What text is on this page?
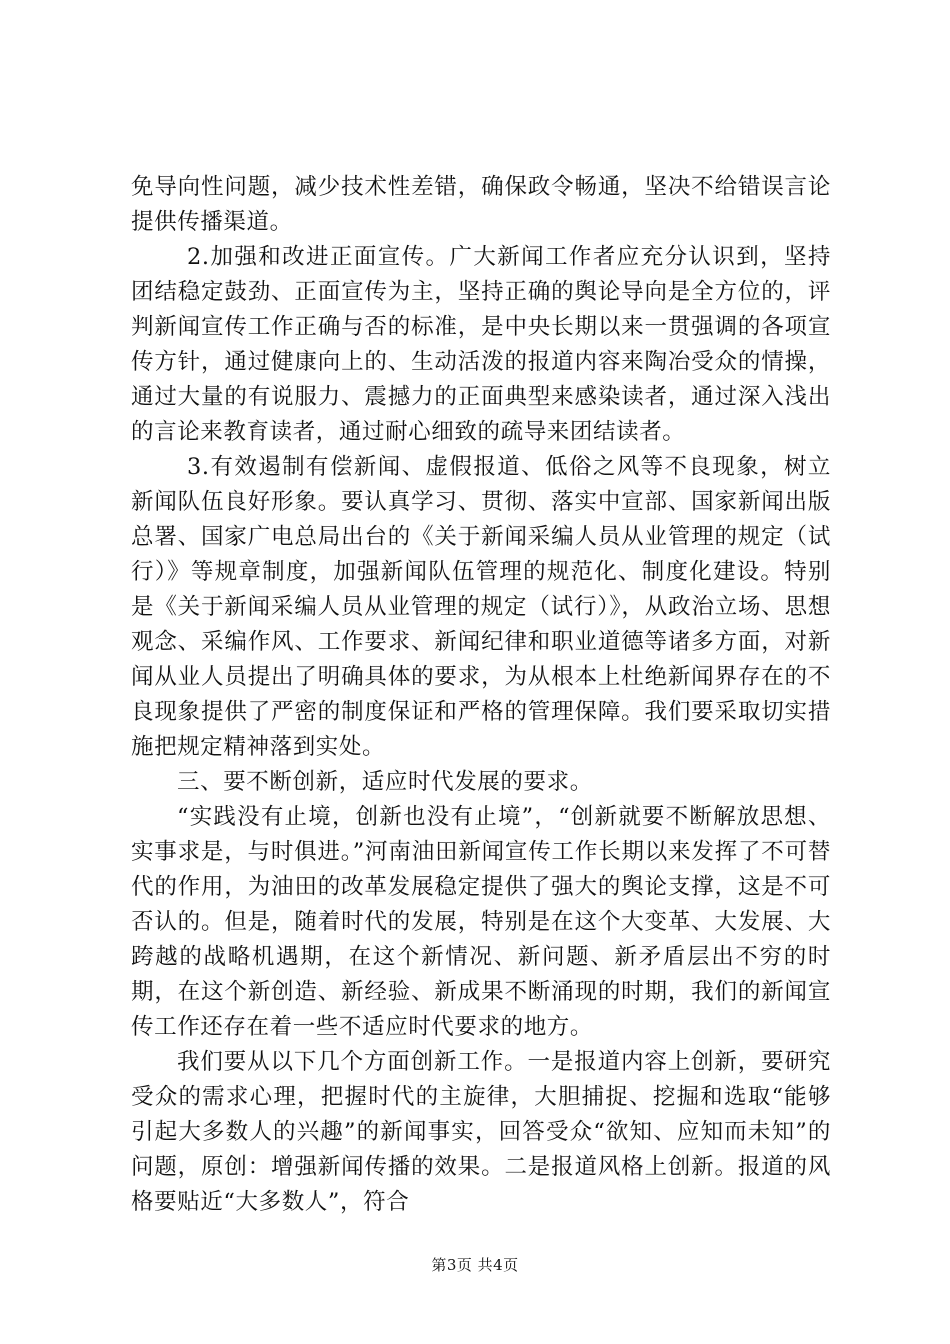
免导向性问题，减少技术性差错，确保政令畅通，坚决不给错误言论提供传播渠道。

2.加强和改进正面宣传。广大新闻工作者应充分认识到，坚持团结稳定鼓劲、正面宣传为主，坚持正确的舆论导向是全方位的，评判新闻宣传工作正确与否的标准，是中央长期以来一贯强调的各项宣传方针，通过健康向上的、生动活泼的报道内容来陶冶受众的情操，通过大量的有说服力、震撼力的正面典型来感染读者，通过深入浅出的言论来教育读者，通过耐心细致的疏导来团结读者。

3.有效遏制有偿新闻、虚假报道、低俗之风等不良现象，树立新闻队伍良好形象。要认真学习、贯彻、落实中宣部、国家新闻出版总署、国家广电总局出台的《关于新闻采编人员从业管理的规定（试行）》等规章制度，加强新闻队伍管理的规范化、制度化建设。特别是《关于新闻采编人员从业管理的规定（试行）》，从政治立场、思想观念、采编作风、工作要求、新闻纪律和职业道德等诸多方面，对新闻从业人员提出了明确具体的要求，为从根本上杜绝新闻界存在的不良现象提供了严密的制度保证和严格的管理保障。我们要采取切实措施把规定精神落到实处。

三、要不断创新，适应时代发展的要求。

“实践没有止境，创新也没有止境”，“创新就要不断解放思想、实事求是，与时俱进。”河南油田新闻宣传工作长期以来发挥了不可替代的作用，为油田的改革发展稳定提供了强大的舆论支撑，这是不可否认的。但是，随着时代的发展，特别是在这个大变革、大发展、大跨越的战略机遇期，在这个新情况、新问题、新矛盾层出不穷的时期，在这个新创造、新经验、新成果不断涌现的时期，我们的新闻宣传工作还存在着一些不适应时代要求的地方。

我们要从以下几个方面创新工作。一是报道内容上创新，要研究受众的需求心理，把握时代的主旋律，大胆捕捉、挖掘和选取“能够引起大多数人的兴趣”的新闻事实，回答受众“欲知、应知而未知”的问题，原创：增强新闻传播的效果。二是报道风格上创新。报道的风格要贴近“大多数人”，符合

第3页 共4页
